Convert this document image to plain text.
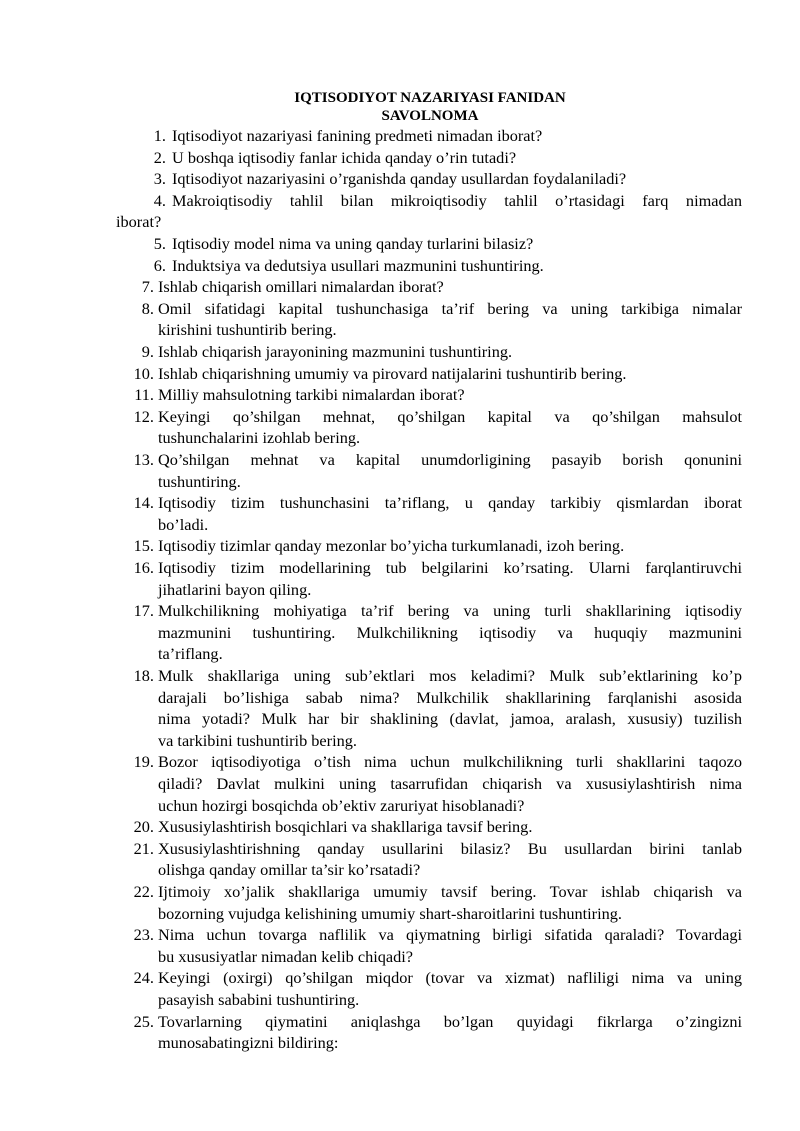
IQTISODIYOT NAZARIYASI FANIDAN
SAVOLNOMA
1. Iqtisodiyot nazariyasi fanining predmeti nimadan iborat?
2. U boshqa iqtisodiy fanlar ichida qanday o’rin tutadi?
3. Iqtisodiyot nazariyasini o’rganishda qanday usullardan foydalaniladi?
4. Makroiqtisodiy tahlil bilan mikroiqtisodiy tahlil o’rtasidagi farq nimadan
iborat?
5. Iqtisodiy model nima va uning qanday turlarini bilasiz?
6. Induktsiya va dedutsiya usullari mazmunini tushuntiring.
7. Ishlab chiqarish omillari nimalardan iborat?
8. Omil sifatidagi kapital tushunchasiga ta’rif bering va uning tarkibiga nimalar
kirishini tushuntirib bering.
9. Ishlab chiqarish jarayonining mazmunini tushuntiring.
10. Ishlab chiqarishning umumiy va pirovard natijalarini tushuntirib bering.
11. Milliy mahsulotning tarkibi nimalardan iborat?
12. Keyingi qo’shilgan mehnat, qo’shilgan kapital va qo’shilgan mahsulot
tushunchalarini izohlab bering.
13. Qo’shilgan mehnat va kapital unumdorligining pasayib borish qonunini
tushuntiring.
14. Iqtisodiy tizim tushunchasini ta’riflang, u qanday tarkibiy qismlardan iborat
bo’ladi.
15. Iqtisodiy tizimlar qanday mezonlar bo’yicha turkumlanadi, izoh bering.
16. Iqtisodiy tizim modellarining tub belgilarini ko’rsating. Ularni farqlantiruvchi
jihatlarini bayon qiling.
17. Mulkchilikning mohiyatiga ta’rif bering va uning turli shakllarining iqtisodiy
mazmunini tushuntiring. Mulkchilikning iqtisodiy va huquqiy mazmunini
ta’riflang.
18. Mulk shakllariga uning sub’ektlari mos keladimi? Mulk sub’ektlarining ko’p
darajali bo’lishiga sabab nima? Mulkchilik shakllarining farqlanishi asosida
nima yotadi? Mulk har bir shaklining (davlat, jamoa, aralash, xususiy) tuzilish
va tarkibini tushuntirib bering.
19. Bozor iqtisodiyotiga o’tish nima uchun mulkchilikning turli shakllarini taqozo
qiladi? Davlat mulkini uning tasarrufidan chiqarish va xususiylashtirish nima
uchun hozirgi bosqichda ob’ektiv zaruriyat hisoblanadi?
20. Xususiylashtirish bosqichlari va shakllariga tavsif bering.
21. Xususiylashtirishning qanday usullarini bilasiz? Bu usullardan birini tanlab
olishga qanday omillar ta’sir ko’rsatadi?
22. Ijtimoiy xo’jalik shakllariga umumiy tavsif bering. Tovar ishlab chiqarish va
bozorning vujudga kelishining umumiy shart-sharoitlarini tushuntiring.
23. Nima uchun tovarga naflilik va qiymatning birligi sifatida qaraladi? Tovardagi
bu xususiyatlar nimadan kelib chiqadi?
24. Keyingi (oxirgi) qo’shilgan miqdor (tovar va xizmat) nafliligi nima va uning
pasayish sababini tushuntiring.
25. Tovarlarning qiymatini aniqlashga bo’lgan quyidagi fikrlarga o’zingizni
munosabatingizni bildiring:
